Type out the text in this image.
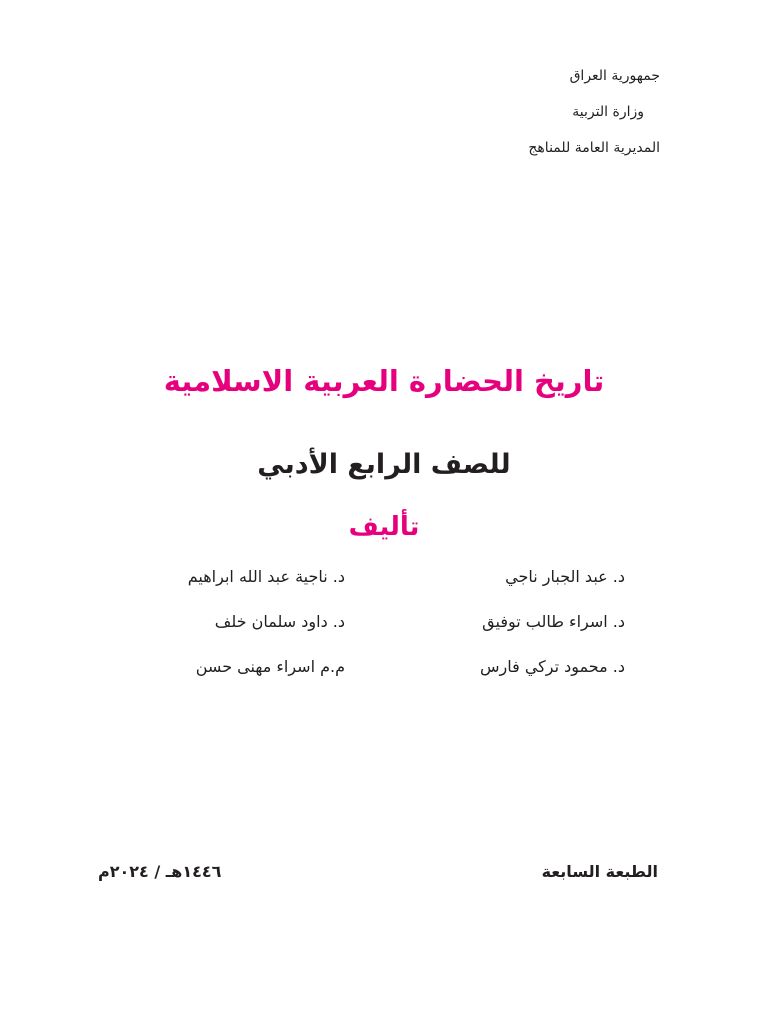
جمهورية العراق
وزارة التربية
المديرية العامة للمناهج
تاريخ الحضارة العربية الاسلامية
للصف الرابع الأدبي
تأليف
د. عبد الجبار ناجي
د. اسراء طالب توفيق
د. محمود تركي فارس
د. ناجية عبد الله ابراهيم
د. داود سلمان خلف
م.م اسراء مهنى حسن
الطبعة السابعة
١٤٤٦هـ / ٢٠٢٤م
